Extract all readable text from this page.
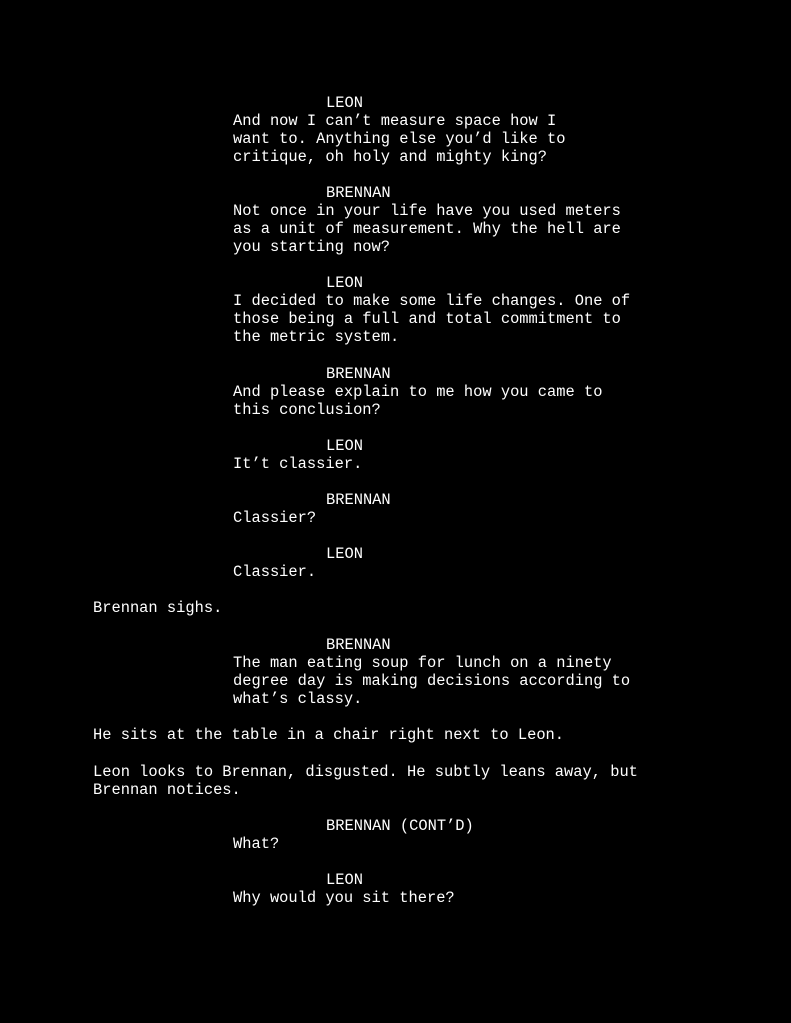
LEON
And now I can’t measure space how I
want to. Anything else you’d like to
critique, oh holy and mighty king?
BRENNAN
Not once in your life have you used meters
as a unit of measurement. Why the hell are
you starting now?
LEON
I decided to make some life changes. One of
those being a full and total commitment to
the metric system.
BRENNAN
And please explain to me how you came to
this conclusion?
LEON
It’t classier.
BRENNAN
Classier?
LEON
Classier.
Brennan sighs.
BRENNAN
The man eating soup for lunch on a ninety
degree day is making decisions according to
what’s classy.
He sits at the table in a chair right next to Leon.
Leon looks to Brennan, disgusted. He subtly leans away, but
Brennan notices.
BRENNAN (CONT’D)
What?
LEON
Why would you sit there?
